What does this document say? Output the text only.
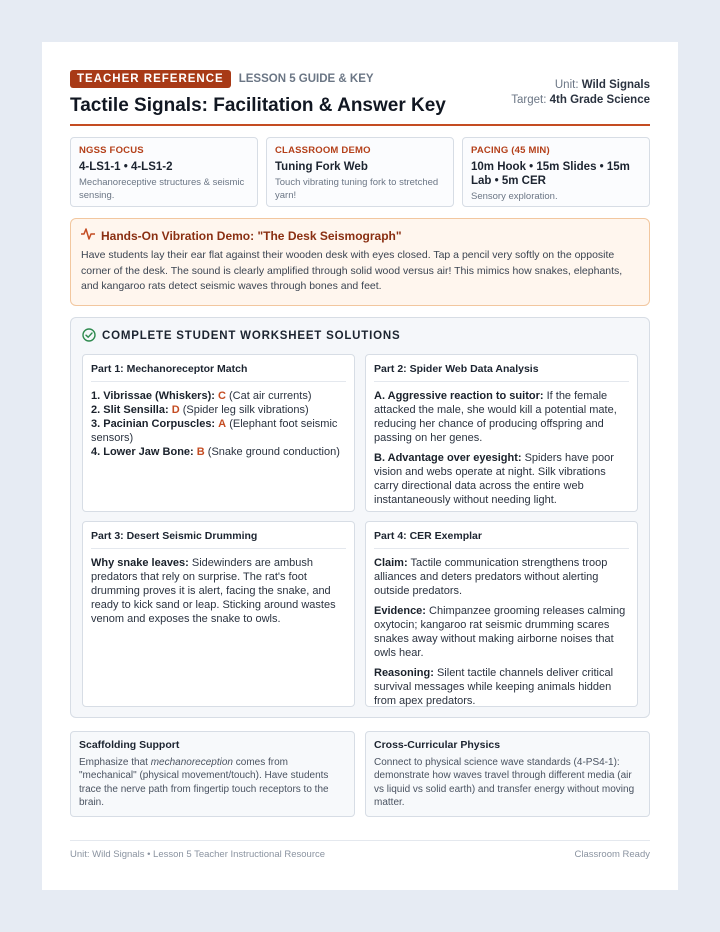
TEACHER REFERENCE	LESSON 5 GUIDE & KEY
Tactile Signals: Facilitation & Answer Key
Unit: Wild Signals
Target: 4th Grade Science
NGSS FOCUS
4-LS1-1 • 4-LS1-2
Mechanoreceptive structures & seismic sensing.
CLASSROOM DEMO
Tuning Fork Web
Touch vibrating tuning fork to stretched yarn!
PACING (45 MIN)
10m Hook • 15m Slides • 15m Lab • 5m CER
Sensory exploration.
Hands-On Vibration Demo: "The Desk Seismograph"
Have students lay their ear flat against their wooden desk with eyes closed. Tap a pencil very softly on the opposite corner of the desk. The sound is clearly amplified through solid wood versus air! This mimics how snakes, elephants, and kangaroo rats detect seismic waves through bones and feet.
COMPLETE STUDENT WORKSHEET SOLUTIONS
Part 1: Mechanoreceptor Match
1. Vibrissae (Whiskers): C (Cat air currents)
2. Slit Sensilla: D (Spider leg silk vibrations)
3. Pacinian Corpuscles: A (Elephant foot seismic sensors)
4. Lower Jaw Bone: B (Snake ground conduction)
Part 2: Spider Web Data Analysis

A. Aggressive reaction to suitor: If the female attacked the male, she would kill a potential mate, reducing her chance of producing offspring and passing on her genes.

B. Advantage over eyesight: Spiders have poor vision and webs operate at night. Silk vibrations carry directional data across the entire web instantaneously without needing light.

Part 3: Desert Seismic Drumming

Why snake leaves: Sidewinders are ambush predators that rely on surprise. The rat's foot drumming proves it is alert, facing the snake, and ready to kick sand or leap. Sticking around wastes venom and exposes the snake to owls.

Part 4: CER Exemplar

Claim: Tactile communication strengthens troop alliances and deters predators without alerting outside predators.

Evidence: Chimpanzee grooming releases calming oxytocin; kangaroo rat seismic drumming scares snakes away without making airborne noises that owls hear.

Reasoning: Silent tactile channels deliver critical survival messages while keeping animals hidden from apex predators.

Scaffolding Support
Emphasize that mechanoreception comes from "mechanical" (physical movement/touch). Have students trace the nerve path from fingertip touch receptors to the brain.
Cross-Curricular Physics
Connect to physical science wave standards (4-PS4-1): demonstrate how waves travel through different media (air vs liquid vs solid earth) and transfer energy without moving matter.
Unit: Wild Signals • Lesson 5 Teacher Instructional Resource	Classroom Ready
